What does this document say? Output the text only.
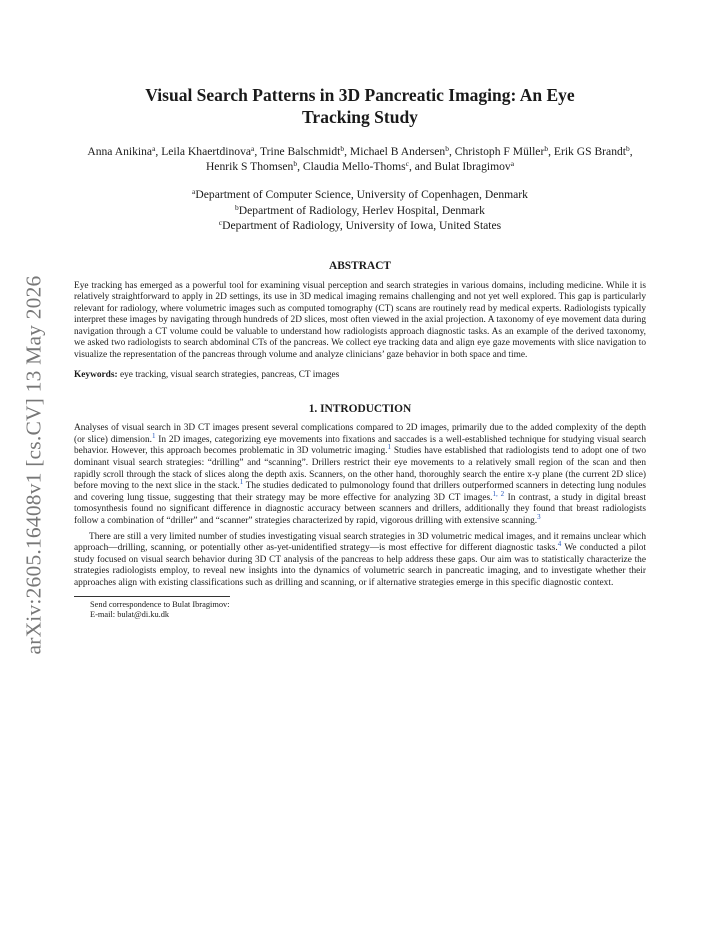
arXiv:2605.16408v1 [cs.CV] 13 May 2026
Visual Search Patterns in 3D Pancreatic Imaging: An Eye
Tracking Study
Anna Anikina$^a$, Leila Khaertdinova$^a$, Trine Balschmidt$^b$, Michael B Andersen$^b$, Christoph F Müller$^b$, Erik GS Brandt$^b$, Henrik S Thomsen$^b$, Claudia Mello-Thoms$^c$, and Bulat Ibragimov$^a$
$^a$Department of Computer Science, University of Copenhagen, Denmark
$^b$Department of Radiology, Herlev Hospital, Denmark
$^c$Department of Radiology, University of Iowa, United States
ABSTRACT

Eye tracking has emerged as a powerful tool for examining visual perception and search strategies in various domains, including medicine. While it is relatively straightforward to apply in 2D settings, its use in 3D medical imaging remains challenging and not yet well explored. This gap is particularly relevant for radiology, where volumetric images such as computed tomography (CT) scans are routinely read by medical experts. Radiologists typically interpret these images by navigating through hundreds of 2D slices, most often viewed in the axial projection. A taxonomy of eye movement data during navigation through a CT volume could be valuable to understand how radiologists approach diagnostic tasks. As an example of the derived taxonomy, we asked two radiologists to search abdominal CTs of the pancreas. We collect eye tracking data and align eye gaze movements with slice navigation to visualize the representation of the pancreas through volume and analyze clinicians’ gaze behavior in both space and time.

Keywords: eye tracking, visual search strategies, pancreas, CT images

1. INTRODUCTION

Analyses of visual search in 3D CT images present several complications compared to 2D images, primarily due to the added complexity of the depth (or slice) dimension.$^1$ In 2D images, categorizing eye movements into fixations and saccades is a well-established technique for studying visual search behavior. However, this approach becomes problematic in 3D volumetric imaging.$^1$ Studies have established that radiologists tend to adopt one of two dominant visual search strategies: “drilling” and “scanning”. Drillers restrict their eye movements to a relatively small region of the scan and then rapidly scroll through the stack of slices along the depth axis. Scanners, on the other hand, thoroughly search the entire x-y plane (the current 2D slice) before moving to the next slice in the stack.$^1$ The studies dedicated to pulmonology found that drillers outperformed scanners in detecting lung nodules and covering lung tissue, suggesting that their strategy may be more effective for analyzing 3D CT images.$^{1, 2}$ In contrast, a study in digital breast tomosynthesis found no significant difference in diagnostic accuracy between scanners and drillers, additionally they found that breast radiologists follow a combination of “driller” and “scanner” strategies characterized by rapid, vigorous drilling with extensive scanning.$^3$

There are still a very limited number of studies investigating visual search strategies in 3D volumetric medical images, and it remains unclear which approach—drilling, scanning, or potentially other as-yet-unidentified strategy—is most effective for different diagnostic tasks.$^4$ We conducted a pilot study focused on visual search behavior during 3D CT analysis of the pancreas to help address these gaps. Our aim was to statistically characterize the strategies radiologists employ, to reveal new insights into the dynamics of volumetric search in pancreatic imaging, and to investigate whether their approaches align with existing classifications such as drilling and scanning, or if alternative strategies emerge in this specific diagnostic context.

Send correspondence to Bulat Ibragimov:
E-mail: bulat@di.ku.dk
